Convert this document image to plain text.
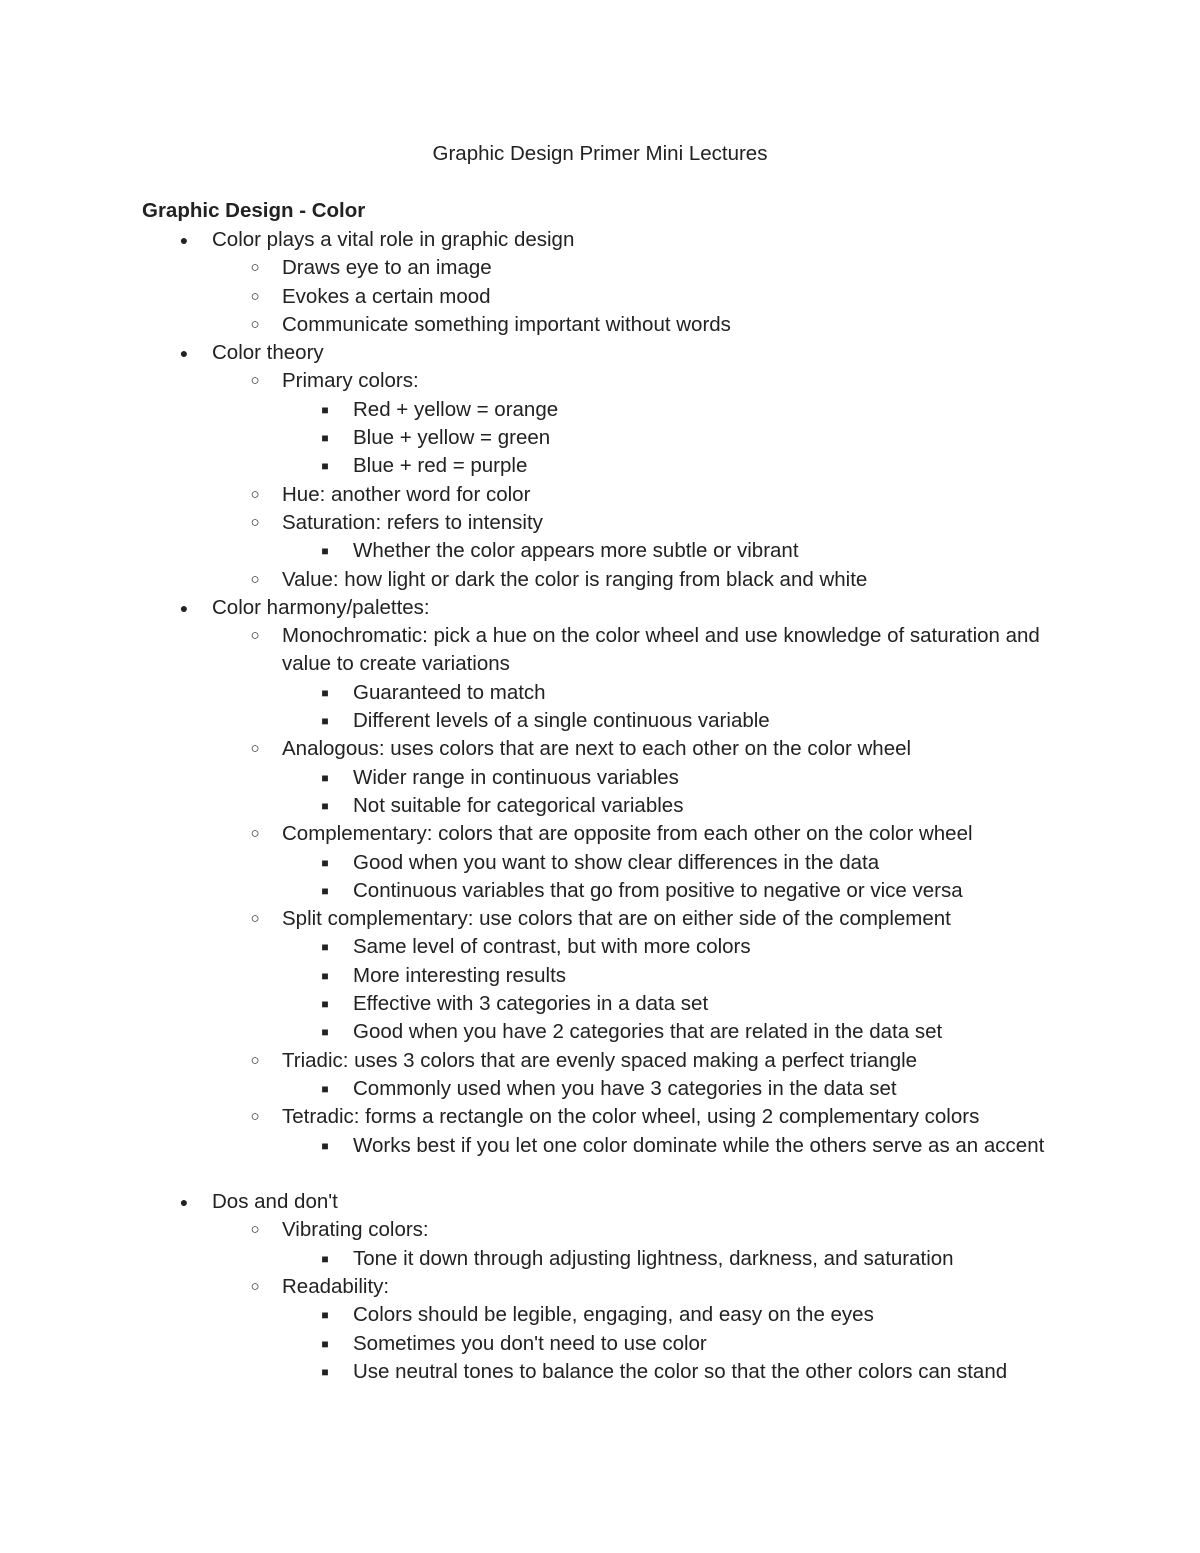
Graphic Design Primer Mini Lectures
Graphic Design - Color
● Color plays a vital role in graphic design
○ Draws eye to an image
○ Evokes a certain mood
○ Communicate something important without words
● Color theory
○ Primary colors:
■	Red + yellow = orange
■	Blue + yellow = green
■	Blue + red = purple
○ Hue: another word for color
○ Saturation: refers to intensity
■	Whether the color appears more subtle or vibrant
○ Value: how light or dark the color is ranging from black and white
● Color harmony/palettes:
○ Monochromatic: pick a hue on the color wheel and use knowledge of saturation and value to create variations
■	Guaranteed to match
■	Different levels of a single continuous variable
○ Analogous: uses colors that are next to each other on the color wheel
■	Wider range in continuous variables
■	Not suitable for categorical variables
○ Complementary: colors that are opposite from each other on the color wheel
■	Good when you want to show clear differences in the data
■	Continuous variables that go from positive to negative or vice versa
○ Split complementary: use colors that are on either side of the complement
■	Same level of contrast, but with more colors
■	More interesting results
■	Effective with 3 categories in a data set
■	Good when you have 2 categories that are related in the data set
○ Triadic: uses 3 colors that are evenly spaced making a perfect triangle
■	Commonly used when you have 3 categories in the data set
○ Tetradic: forms a rectangle on the color wheel, using 2 complementary colors
■	Works best if you let one color dominate while the others serve as an accent
● Dos and don't
○ Vibrating colors:
■	Tone it down through adjusting lightness, darkness, and saturation
○ Readability:
■	Colors should be legible, engaging, and easy on the eyes
■	Sometimes you don't need to use color
■	Use neutral tones to balance the color so that the other colors can stand
